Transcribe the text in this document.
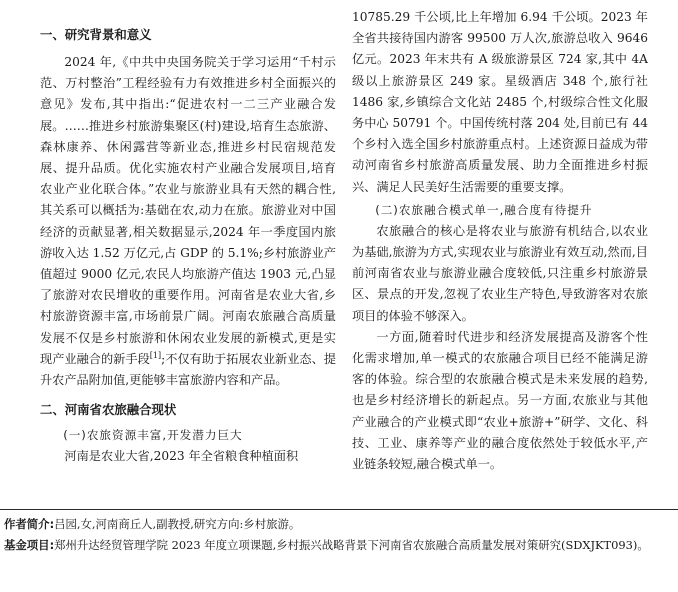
一、研究背景和意义

2024 年,《中共中央国务院关于学习运用“千村示范、万村整治”工程经验有力有效推进乡村全面振兴的意见》发布,其中指出:“促进农村一二三产业融合发展。……推进乡村旅游集聚区(村)建设,培育生态旅游、森林康养、休闲露营等新业态,推进乡村民宿规范发展、提升品质。优化实施农村产业融合发展项目,培育农业产业化联合体。”农业与旅游业具有天然的耦合性,其关系可以概括为:基础在农,动力在旅。旅游业对中国经济的贡献显著,相关数据显示,2024 年一季度国内旅游收入达 1.52 万亿元,占 GDP 的 5.1%;乡村旅游业产值超过 9000 亿元,农民人均旅游产值达 1903 元,凸显了旅游对农民增收的重要作用。河南省是农业大省,乡村旅游资源丰富,市场前景广阔。河南农旅融合高质量发展不仅是乡村旅游和休闲农业发展的新模式,更是实现产业融合的新手段[1];不仅有助于拓展农业新业态、提升农产品附加值,更能够丰富旅游内容和产品。

二、河南省农旅融合现状

(一)农旅资源丰富,开发潜力巨大

河南是农业大省,2023 年全省粮食种植面积

10785.29 千公顷,比上年增加 6.94 千公顷。2023 年全省共接待国内游客 99500 万人次,旅游总收入 9646 亿元。2023 年末共有 A 级旅游景区 724 家,其中 4A 级以上旅游景区 249 家。星级酒店 348 个,旅行社 1486 家,乡镇综合文化站 2485 个,村级综合性文化服务中心 50791 个。中国传统村落 204 处,目前已有 44 个乡村入选全国乡村旅游重点村。上述资源日益成为带动河南省乡村旅游高质量发展、助力全面推进乡村振兴、满足人民美好生活需要的重要支撑。

(二)农旅融合模式单一,融合度有待提升

农旅融合的核心是将农业与旅游有机结合,以农业为基础,旅游为方式,实现农业与旅游业有效互动,然而,目前河南省农业与旅游业融合度较低,只注重乡村旅游景区、景点的开发,忽视了农业生产特色,导致游客对农旅项目的体验不够深入。

一方面,随着时代进步和经济发展提高及游客个性化需求增加,单一模式的农旅融合项目已经不能满足游客的体验。综合型的农旅融合模式是未来发展的趋势,也是乡村经济增长的新起点。另一方面,农旅业与其他产业融合的产业模式即“农业+旅游+”研学、文化、科技、工业、康养等产业的融合度依然处于较低水平,产业链条较短,融合模式单一。

作者简介:吕园,女,河南商丘人,副教授,研究方向:乡村旅游。

基金项目:郑州升达经贸管理学院 2023 年度立项课题,乡村振兴战略背景下河南省农旅融合高质量发展对策研究(SDXJKT093)。
